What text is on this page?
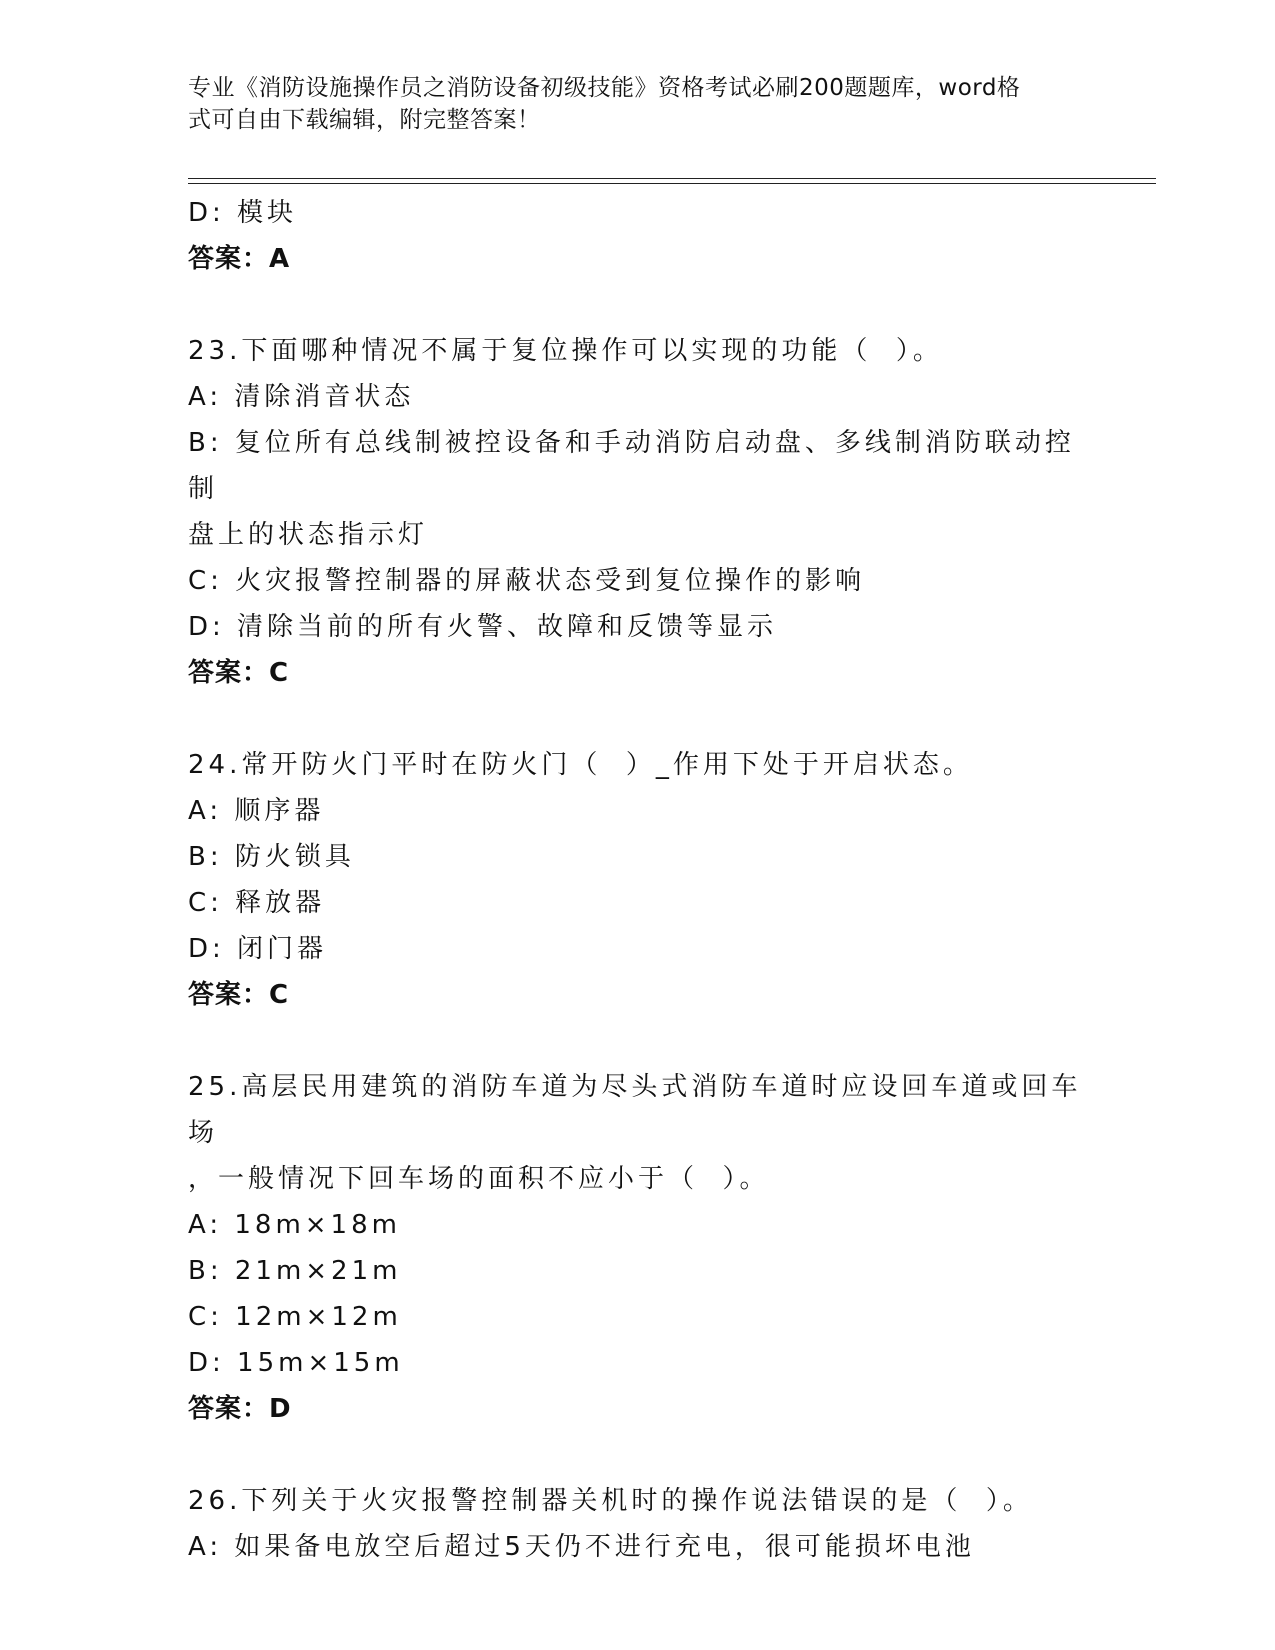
专业《消防设施操作员之消防设备初级技能》资格考试必刷200题题库，word格
式可自由下载编辑，附完整答案！
D: 模块
答案：A
23.下面哪种情况不属于复位操作可以实现的功能（  ）。
A: 清除消音状态
B: 复位所有总线制被控设备和手动消防启动盘、多线制消防联动控制
盘上的状态指示灯
C: 火灾报警控制器的屏蔽状态受到复位操作的影响
D: 清除当前的所有火警、故障和反馈等显示
答案：C
24.常开防火门平时在防火门（  ）_作用下处于开启状态。
A: 顺序器
B: 防火锁具
C: 释放器
D: 闭门器
答案：C
25.高层民用建筑的消防车道为尽头式消防车道时应设回车道或回车场
，一般情况下回车场的面积不应小于（  ）。
A: 18m×18m
B: 21m×21m
C: 12m×12m
D: 15m×15m
答案：D
26.下列关于火灾报警控制器关机时的操作说法错误的是（  ）。
A: 如果备电放空后超过5天仍不进行充电，很可能损坏电池
